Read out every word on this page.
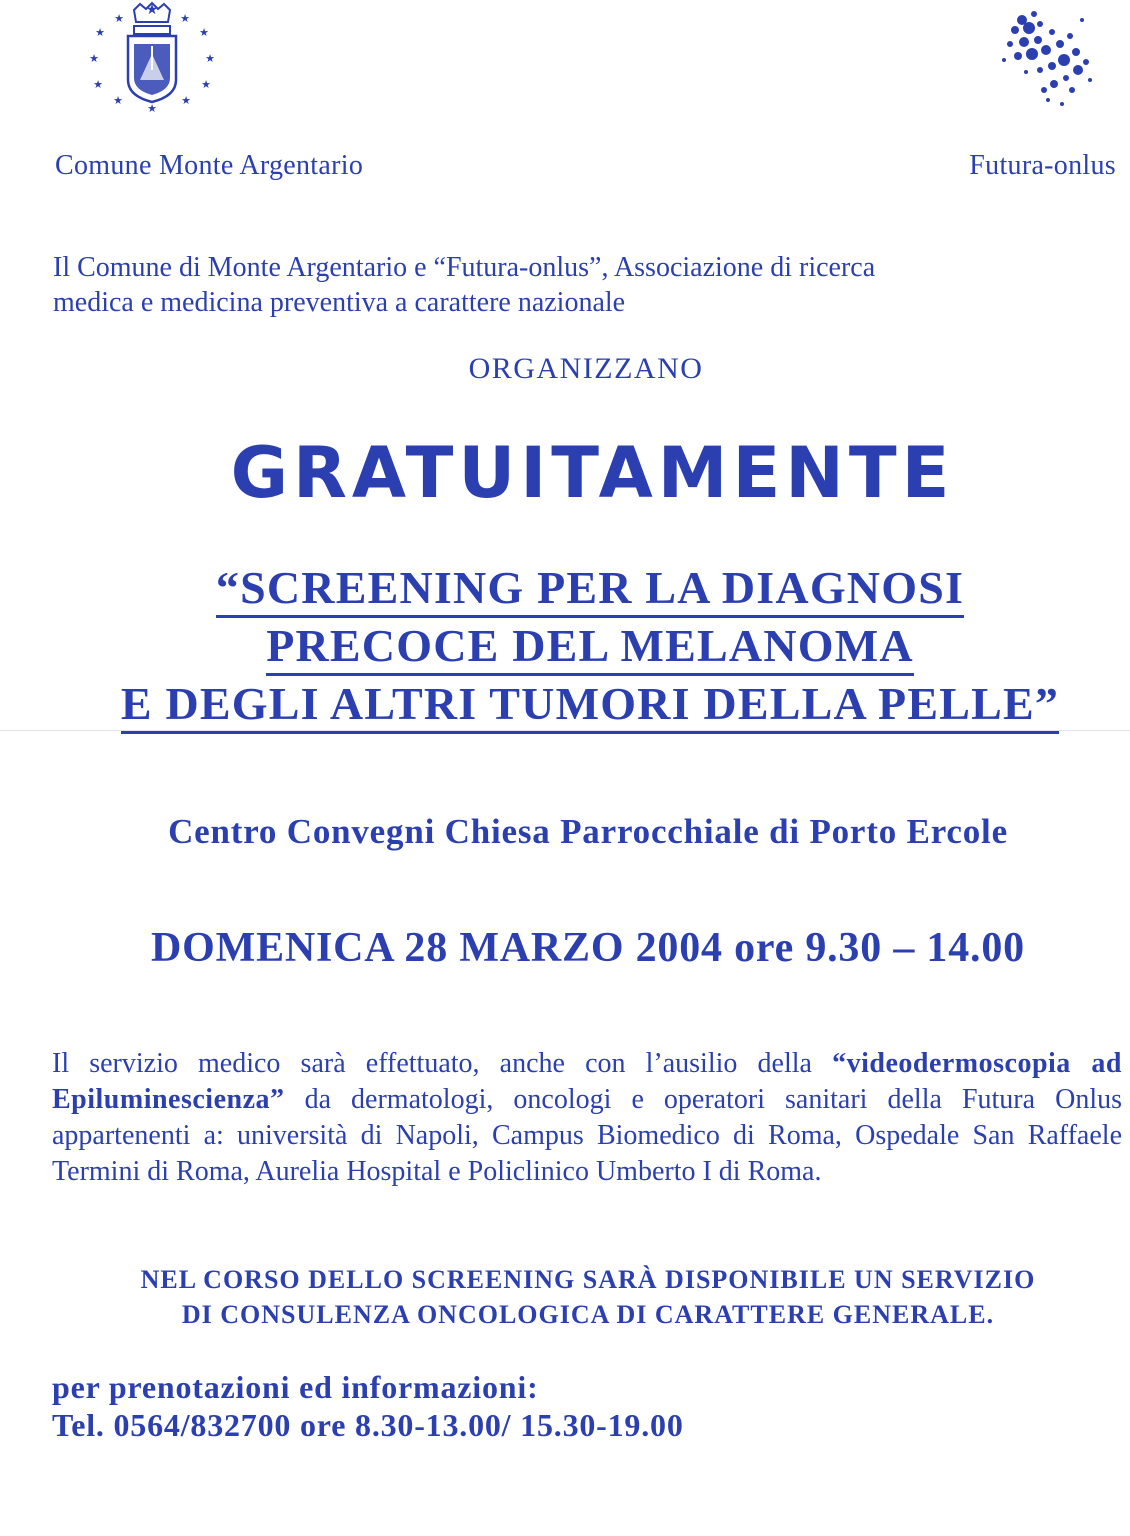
★
★
★
★
★
★
★
★
★
★
★
★
Comune Monte Argentario	Futura-onlus

Il Comune di Monte Argentario e “Futura-onlus”, Associazione di ricerca

medica e medicina preventiva a carattere nazionale

ORGANIZZANO
GRATUITAMENTE
“SCREENING PER LA DIAGNOSI
PRECOCE DEL MELANOMA
E DEGLI ALTRI TUMORI DELLA PELLE”
Centro Convegni Chiesa Parrocchiale di Porto Ercole
DOMENICA 28 MARZO 2004 ore 9.30 – 14.00

Il servizio medico sarà effettuato, anche con l’ausilio della “videodermoscopia ad Epiluminescienza” da dermatologi, oncologi e operatori sanitari della Futura Onlus appartenenti a: università di Napoli, Campus Biomedico di Roma, Ospedale San Raffaele Termini di Roma, Aurelia Hospital e Policlinico Umberto I di Roma.

NEL CORSO DELLO SCREENING SARÀ DISPONIBILE UN SERVIZIO

DI CONSULENZA ONCOLOGICA DI CARATTERE GENERALE.

per prenotazioni ed informazioni:

Tel. 0564/832700 ore 8.30-13.00/ 15.30-19.00
